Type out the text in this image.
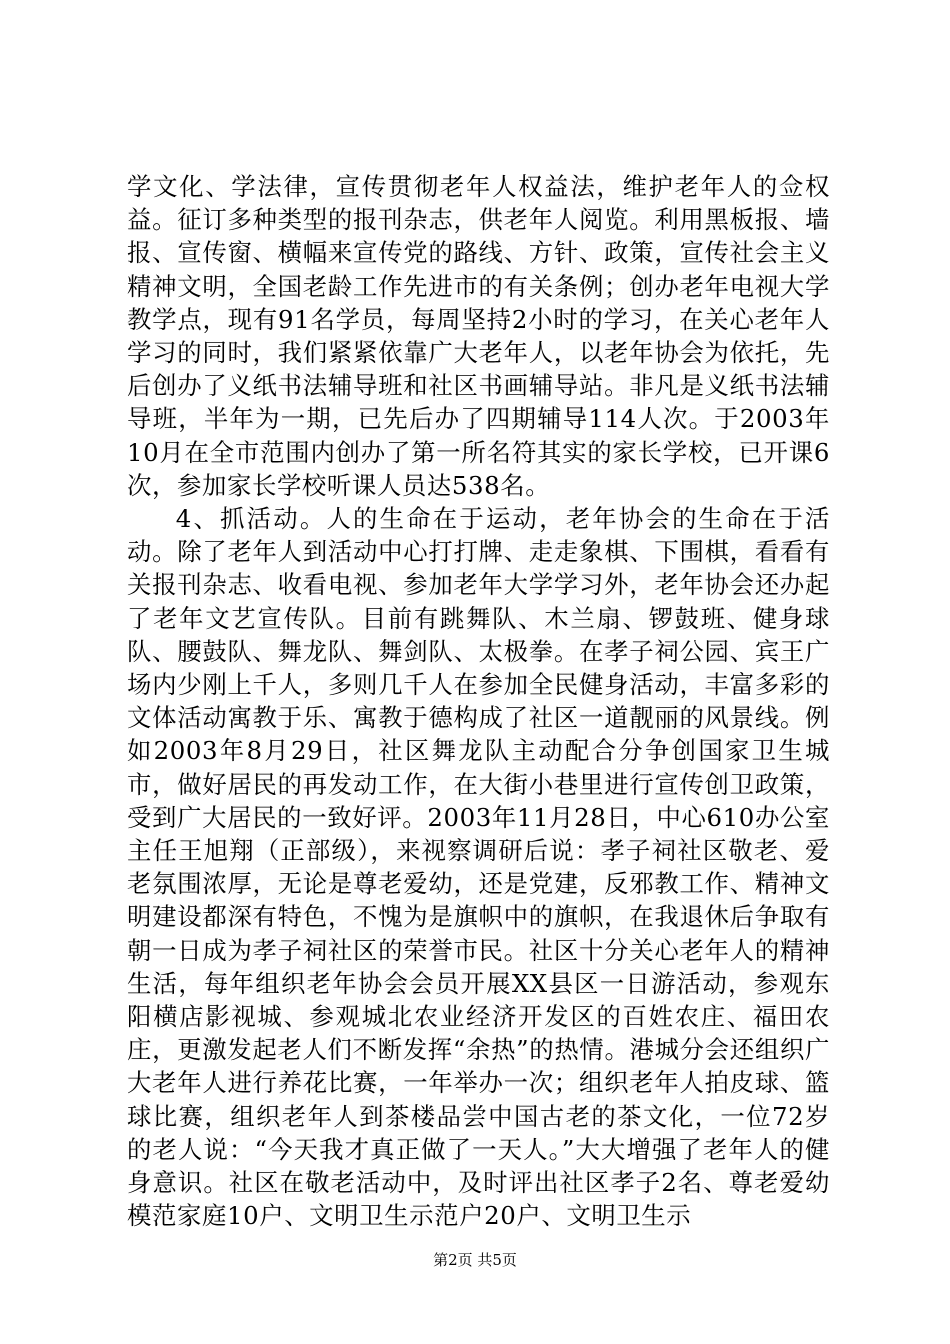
学文化、学法律，宣传贯彻老年人权益法，维护老年人的佥权益。征订多种类型的报刊杂志，供老年人阅览。利用黑板报、墙报、宣传窗、横幅来宣传党的路线、方针、政策，宣传社会主义精神文明，全国老龄工作先进市的有关条例；创办老年电视大学教学点，现有91名学员，每周坚持2小时的学习，在关心老年人学习的同时，我们紧紧依靠广大老年人，以老年协会为依托，先后创办了义纸书法辅导班和社区书画辅导站。非凡是义纸书法辅导班，半年为一期，已先后办了四期辅导114人次。于2003年10月在全市范围内创办了第一所名符其实的家长学校，已开课6次，参加家长学校听课人员达538名。

4、抓活动。人的生命在于运动，老年协会的生命在于活动。除了老年人到活动中心打打牌、走走象棋、下围棋，看看有关报刊杂志、收看电视、参加老年大学学习外，老年协会还办起了老年文艺宣传队。目前有跳舞队、木兰扇、锣鼓班、健身球队、腰鼓队、舞龙队、舞剑队、太极拳。在孝子祠公园、宾王广场内少刚上千人，多则几千人在参加全民健身活动，丰富多彩的文体活动寓教于乐、寓教于德构成了社区一道靓丽的风景线。例如2003年8月29日，社区舞龙队主动配合分争创国家卫生城市，做好居民的再发动工作，在大街小巷里进行宣传创卫政策，受到广大居民的一致好评。2003年11月28日，中心610办公室主任王旭翔（正部级），来视察调研后说：孝子祠社区敬老、爱老氛围浓厚，无论是尊老爱幼，还是党建，反邪教工作、精神文明建设都深有特色，不愧为是旗帜中的旗帜，在我退休后争取有朝一日成为孝子祠社区的荣誉市民。社区十分关心老年人的精神生活，每年组织老年协会会员开展XX县区一日游活动，参观东阳横店影视城、参观城北农业经济开发区的百姓农庄、福田农庄，更激发起老人们不断发挥“余热”的热情。港城分会还组织广大老年人进行养花比赛，一年举办一次；组织老年人拍皮球、篮球比赛，组织老年人到茶楼品尝中国古老的茶文化，一位72岁的老人说：“今天我才真正做了一天人。”大大增强了老年人的健身意识。社区在敬老活动中，及时评出社区孝子2名、尊老爱幼模范家庭10户、文明卫生示范户20户、文明卫生示

第2页 共5页
